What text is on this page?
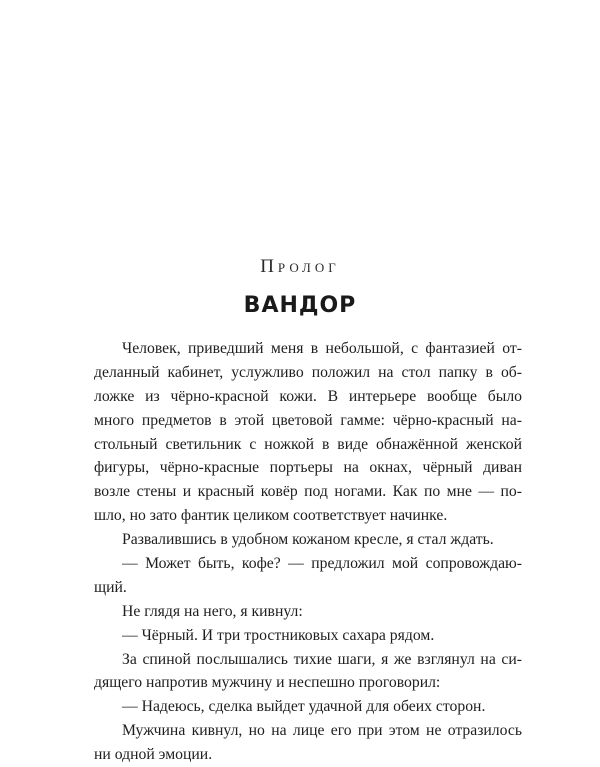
Пролог
ВАНДОР
Человек, приведший меня в небольшой, с фантазией от-
деланный кабинет, услужливо положил на стол папку в об-
ложке из чёрно-красной кожи. В интерьере вообще было
много предметов в этой цветовой гамме: чёрно-красный на-
стольный светильник с ножкой в виде обнажённой женской
фигуры, чёрно-красные портьеры на окнах, чёрный диван
возле стены и красный ковёр под ногами. Как по мне — по-
шло, но зато фантик целиком соответствует начинке.
Развалившись в удобном кожаном кресле, я стал ждать.
— Может быть, кофе? — предложил мой сопровождаю-
щий.
Не глядя на него, я кивнул:
— Чёрный. И три тростниковых сахара рядом.
За спиной послышались тихие шаги, я же взглянул на си-
дящего напротив мужчину и неспешно проговорил:
— Надеюсь, сделка выйдет удачной для обеих сторон.
Мужчина кивнул, но на лице его при этом не отразилось
ни одной эмоции.
